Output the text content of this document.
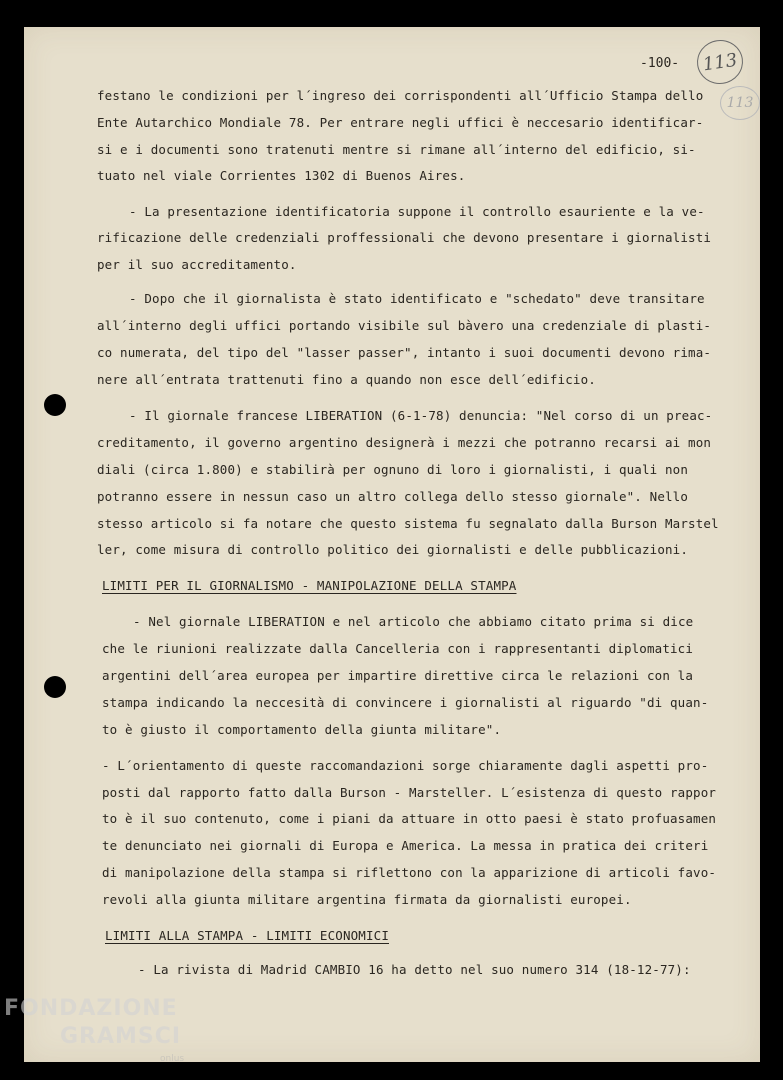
-100-	113
113
festano le condizioni per l´ingreso dei corrispondenti all´Ufficio Stampa dello
Ente Autarchico Mondiale 78. Per entrare negli uffici è neccesario identificar-
si e i documenti sono tratenuti mentre si rimane all´interno del edificio, si-
tuato nel viale Corrientes 1302 di Buenos Aires.
- La presentazione identificatoria suppone il controllo esauriente e la ve-
rificazione delle credenziali proffessionali che devono presentare i giornalisti
per il suo accreditamento.
- Dopo che il giornalista è stato identificato e "schedato" deve transitare
all´interno degli uffici portando visibile sul bàvero una credenziale di plasti-
co numerata, del tipo del "lasser passer", intanto i suoi documenti devono rima-
nere all´entrata trattenuti fino a quando non esce dell´edificio.
- Il giornale francese LIBERATION (6-1-78) denuncia: "Nel corso di un preac-
creditamento, il governo argentino designerà i mezzi che potranno recarsi ai mon
diali (circa 1.800) e stabilirà per ognuno di loro i giornalisti, i quali non
potranno essere in nessun caso un altro collega dello stesso giornale". Nello
stesso articolo si fa notare che questo sistema fu segnalato dalla Burson Marstel
ler, come misura di controllo politico dei giornalisti e delle pubblicazioni.
LIMITI PER IL GIORNALISMO - MANIPOLAZIONE DELLA STAMPA
- Nel giornale LIBERATION e nel articolo che abbiamo citato prima si dice
che le riunioni realizzate dalla Cancelleria con i rappresentanti diplomatici
argentini dell´area europea per impartire direttive circa le relazioni con la
stampa indicando la neccesità di convincere i giornalisti al riguardo "di quan-
to è giusto il comportamento della giunta militare".
- L´orientamento di queste raccomandazioni sorge chiaramente dagli aspetti pro-
posti dal rapporto fatto dalla Burson - Marsteller. L´esistenza di questo rappor
to è il suo contenuto, come i piani da attuare in otto paesi è stato profuasamen
te denunciato nei giornali di Europa e America. La messa in pratica dei criteri
di manipolazione della stampa si riflettono con la apparizione di articoli favo-
revoli alla giunta militare argentina firmata da giornalisti europei.
LIMITI ALLA STAMPA - LIMITI ECONOMICI
- La rivista di Madrid CAMBIO 16 ha detto nel suo numero 314 (18-12-77):
FONDAZIONE
GRAMSCI
onlus
